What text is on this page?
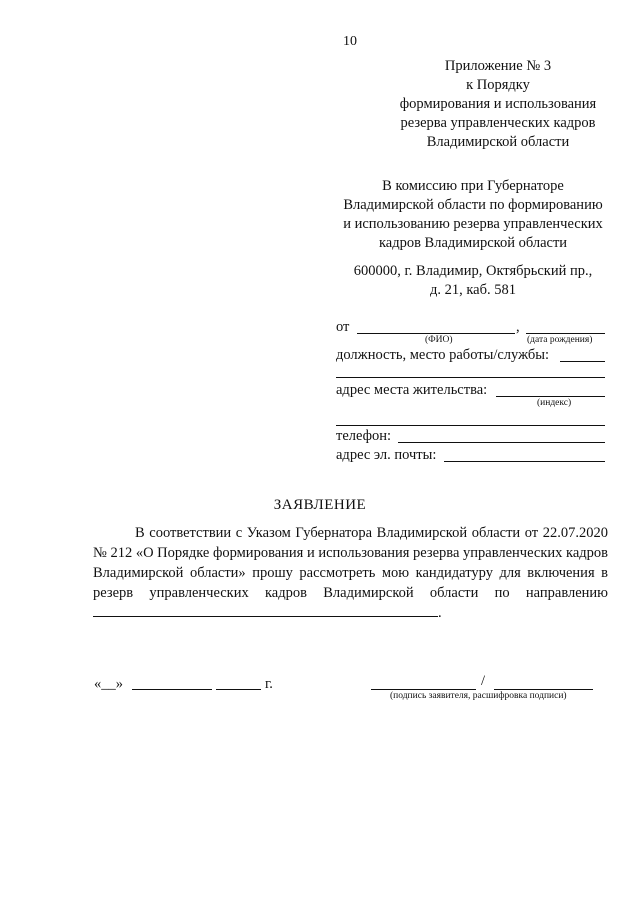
10
Приложение № 3
к Порядку
формирования и использования
резерва управленческих кадров
Владимирской области
В комиссию при Губернаторе
Владимирской области по формированию
и использованию резерва управленческих
кадров Владимирской области
600000, г. Владимир, Октябрьский пр.,
д. 21, каб. 581
от	,
(ФИО)	(дата рождения)
должность, место работы/службы:
адрес места жительства:
(индекс)
телефон:
адрес эл. почты:
ЗАЯВЛЕНИЕ
В соответствии с Указом Губернатора Владимирской области от 22.07.2020 № 212 «О Порядке формирования и использования резерва управленческих кадров Владимирской области» прошу рассмотреть мою кандидатуру для включения в резерв управленческих кадров Владимирской области по направлению .
«__»	г.	/
(подпись заявителя, расшифровка подписи)
